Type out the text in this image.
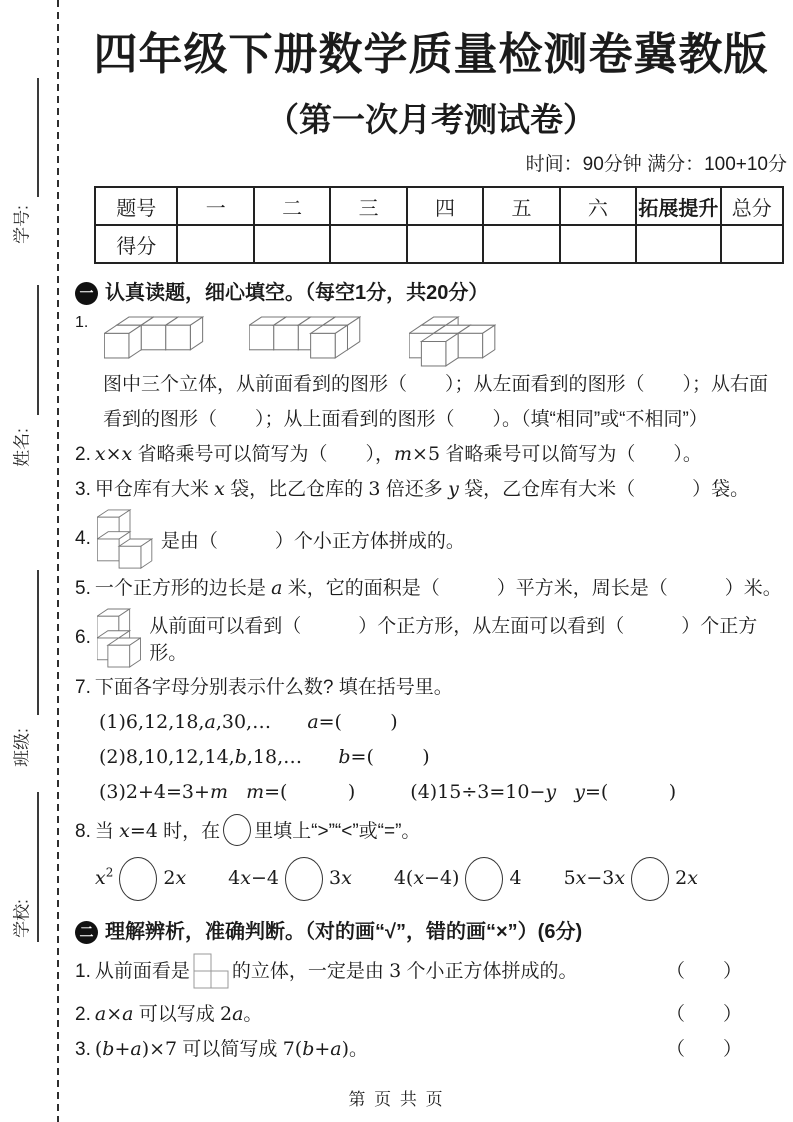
学号:
姓名:
班级:
学校:
四年级下册数学质量检测卷冀教版
（第一次月考测试卷）
时间：90分钟 满分：100+10分
题号	一	二	三	四	五	六	拓展提升	总分
得分								
一 认真读题，细心填空。（每空1分，共20分）
1.
图中三个立体，从前面看到的图形（　　）；从左面看到的图形（　　）；从右面
看到的图形（　　）；从上面看到的图形（　　）。（填“相同”或“不相同”）
2. x×x 省略乘号可以简写为（　　），m×5 省略乘号可以简写为（　　）。
3. 甲仓库有大米 x 袋，比乙仓库的 3 倍还多 y 袋，乙仓库有大米（　　　）袋。
4.	是由（　　　）个小正方体拼成的。
5. 一个正方形的边长是 a 米，它的面积是（　　　）平方米，周长是（　　　）米。
6.
从前面可以看到（　　　）个正方形，从左面可以看到（　　　）个正方形。
7. 下面各字母分别表示什么数? 填在括号里。
(1)6,12,18,a,30,…      a=(        )
(2)8,10,12,14,b,18,…      b=(        )
(3)2+4=3+m m=(          )	(4)15÷3=10−y y=(          )
8. 当 x=4 时，在 里填上“>”“<”或“=”。
$x^2$	2x 4x−4	3x 4(x−4)	4 5x−3x	2x
二 理解辨析，准确判断。（对的画“√”，错的画“×”）(6分)
1. 从前面看是 的立体，一定是由 3 个小正方体拼成的。	（　　）
2. a × a 可以写成 2 a 。	（　　）
3. ( b + a )×7 可以简写成 7( b + a ) 。	（　　）
第 页 共 页
